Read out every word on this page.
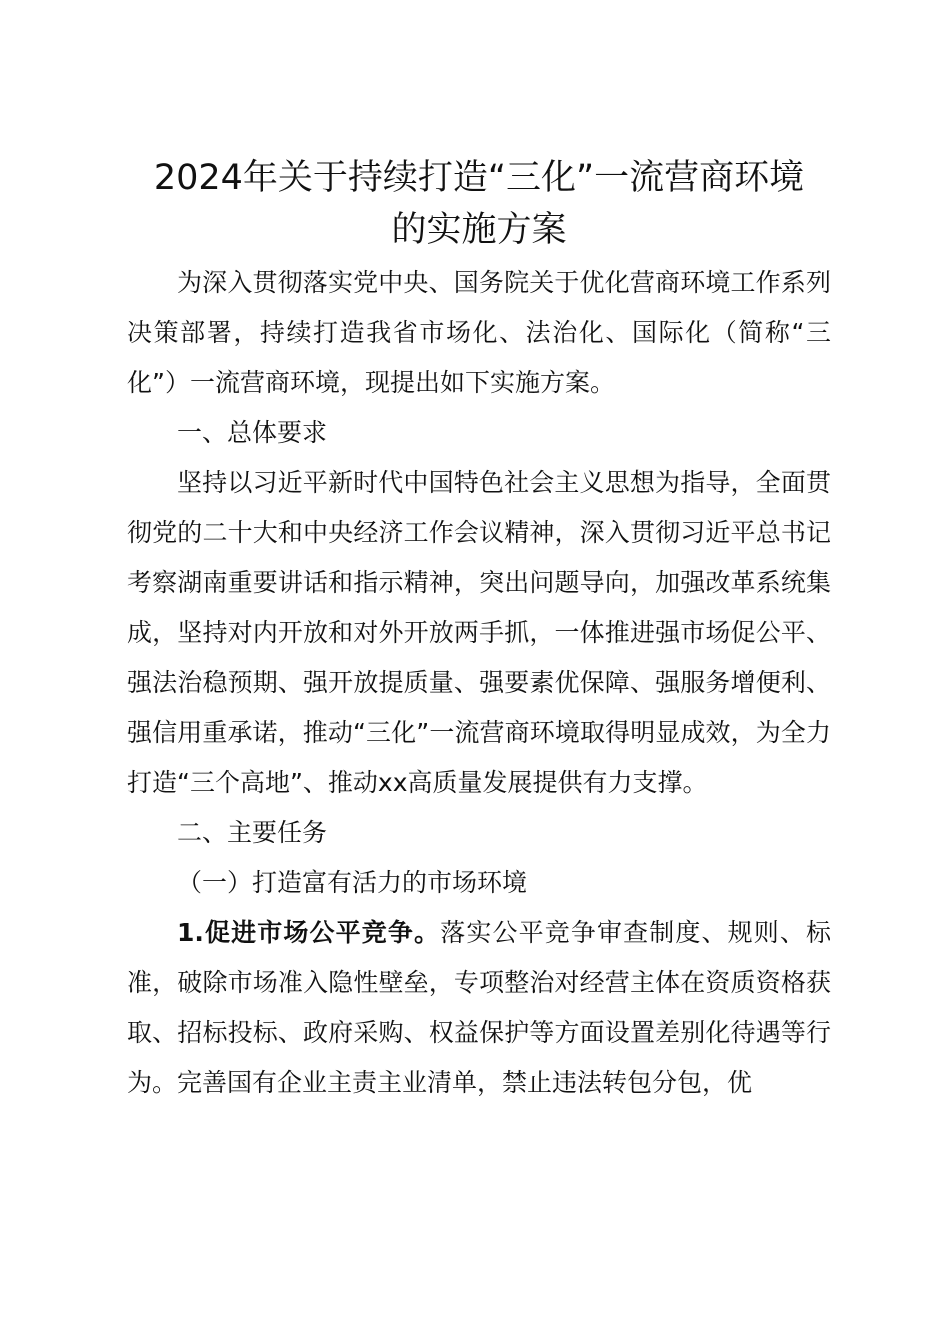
2024年关于持续打造“三化”一流营商环境
的实施方案

为深入贯彻落实党中央、国务院关于优化营商环境工作系列决策部署，持续打造我省市场化、法治化、国际化（简称“三化”）一流营商环境，现提出如下实施方案。

一、总体要求

坚持以习近平新时代中国特色社会主义思想为指导，全面贯彻党的二十大和中央经济工作会议精神，深入贯彻习近平总书记考察湖南重要讲话和指示精神，突出问题导向，加强改革系统集成，坚持对内开放和对外开放两手抓，一体推进强市场促公平、强法治稳预期、强开放提质量、强要素优保障、强服务增便利、强信用重承诺，推动“三化”一流营商环境取得明显成效，为全力打造“三个高地”、推动xx高质量发展提供有力支撑。

二、主要任务

（一）打造富有活力的市场环境

1.促进市场公平竞争。落实公平竞争审查制度、规则、标准，破除市场准入隐性壁垒，专项整治对经营主体在资质资格获取、招标投标、政府采购、权益保护等方面设置差别化待遇等行为。完善国有企业主责主业清单，禁止违法转包分包，优
